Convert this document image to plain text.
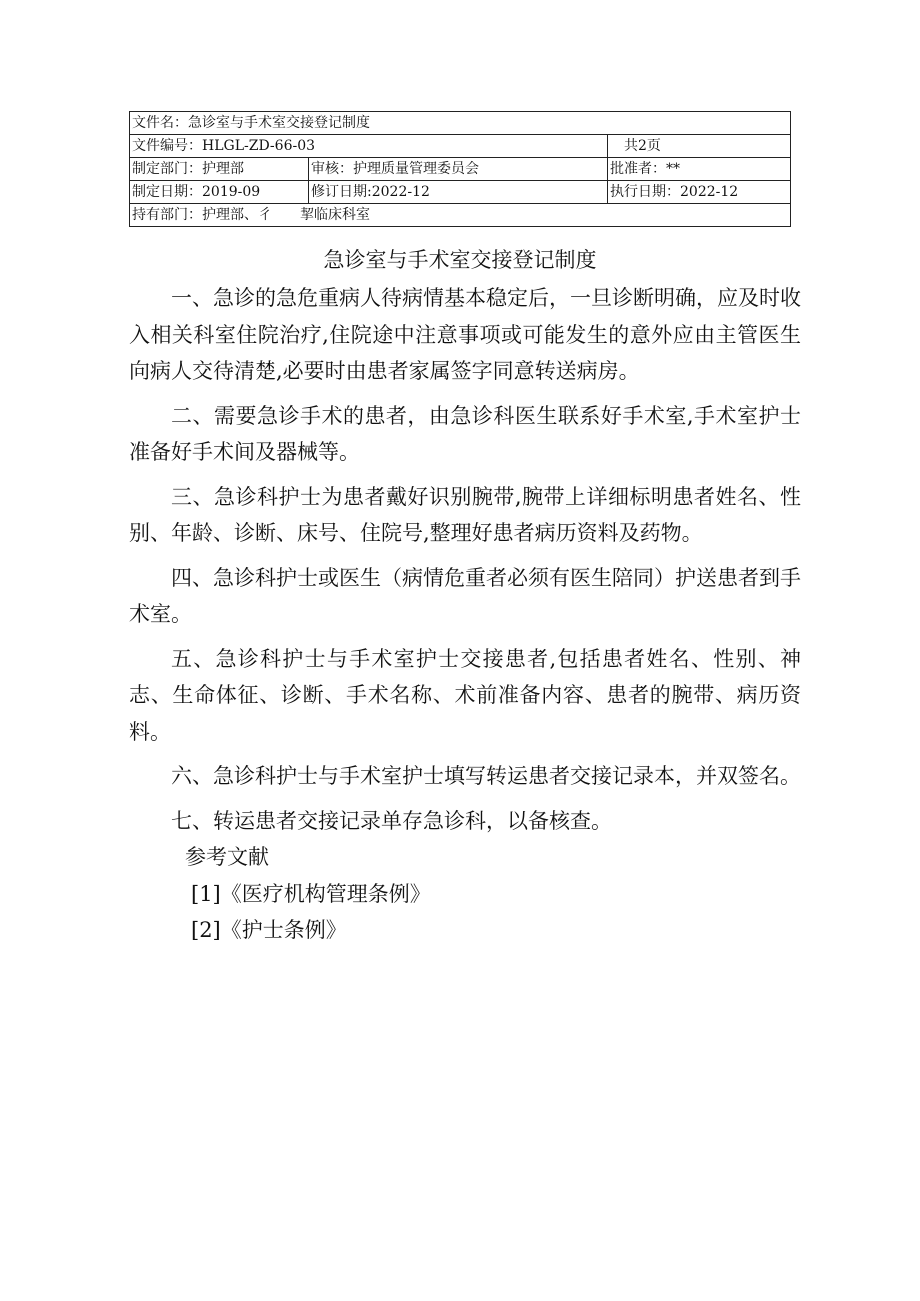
文件名：急诊室与手术室交接登记制度		
文件编号：HLGL-ZD-66-03		共2页
制定部门：护理部	审核：护理质量管理委员会	批准者：**
制定日期：2019-09	修订日期:2022-12	执行日期：2022-12
持有部门：护理部、彳　　挈临床科室		
急诊室与手术室交接登记制度

一、急诊的急危重病人待病情基本稳定后，一旦诊断明确，应及时收入相关科室住院治疗,住院途中注意事项或可能发生的意外应由主管医生向病人交待清楚,必要时由患者家属签字同意转送病房。

二、需要急诊手术的患者，由急诊科医生联系好手术室,手术室护士准备好手术间及器械等。

三、急诊科护士为患者戴好识别腕带,腕带上详细标明患者姓名、性别、年龄、诊断、床号、住院号,整理好患者病历资料及药物。

四、急诊科护士或医生（病情危重者必须有医生陪同）护送患者到手术室。

五、急诊科护士与手术室护士交接患者,包括患者姓名、性别、神志、生命体征、诊断、手术名称、术前准备内容、患者的腕带、病历资料。

六、急诊科护士与手术室护士填写转运患者交接记录本，并双签名。

七、转运患者交接记录单存急诊科，以备核查。

参考文献

[1]《医疗机构管理条例》

[2]《护士条例》
